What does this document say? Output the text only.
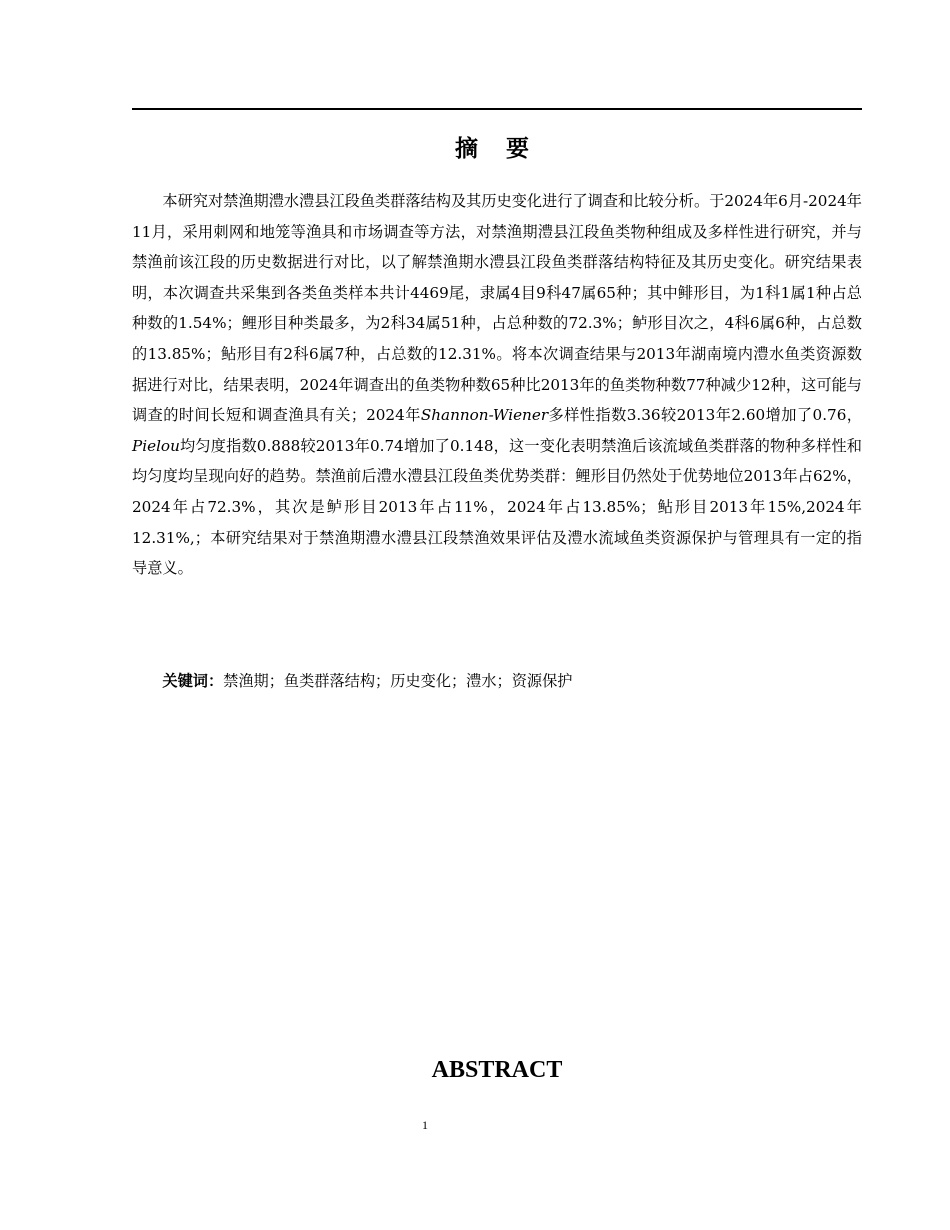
摘 要

本研究对禁渔期澧水澧县江段鱼类群落结构及其历史变化进行了调查和比较分析。于2024年6月-2024年11月，采用刺网和地笼等渔具和市场调查等方法，对禁渔期澧县江段鱼类物种组成及多样性进行研究，并与禁渔前该江段的历史数据进行对比，以了解禁渔期水澧县江段鱼类群落结构特征及其历史变化。研究结果表明，本次调查共采集到各类鱼类样本共计4469尾，隶属4目9科47属65种；其中鲱形目，为1科1属1种占总种数的1.54%；鲤形目种类最多，为2科34属51种，占总种数的72.3%；鲈形目次之，4科6属6种，占总数的13.85%；鲇形目有2科6属7种，占总数的12.31%。将本次调查结果与2013年湖南境内澧水鱼类资源数据进行对比，结果表明，2024年调查出的鱼类物种数65种比2013年的鱼类物种数77种减少12种，这可能与调查的时间长短和调查渔具有关；2024年Shannon-Wiener多样性指数3.36较2013年2.60增加了0.76，Pielou均匀度指数0.888较2013年0.74增加了0.148，这一变化表明禁渔后该流域鱼类群落的物种多样性和均匀度均呈现向好的趋势。禁渔前后澧水澧县江段鱼类优势类群：鲤形目仍然处于优势地位2013年占62%，2024年占72.3%，其次是鲈形目2013年占11%，2024年占13.85%；鲇形目2013年15%,2024年12.31%,；本研究结果对于禁渔期澧水澧县江段禁渔效果评估及澧水流域鱼类资源保护与管理具有一定的指导意义。

关键词：禁渔期；鱼类群落结构；历史变化；澧水；资源保护

ABSTRACT
1
